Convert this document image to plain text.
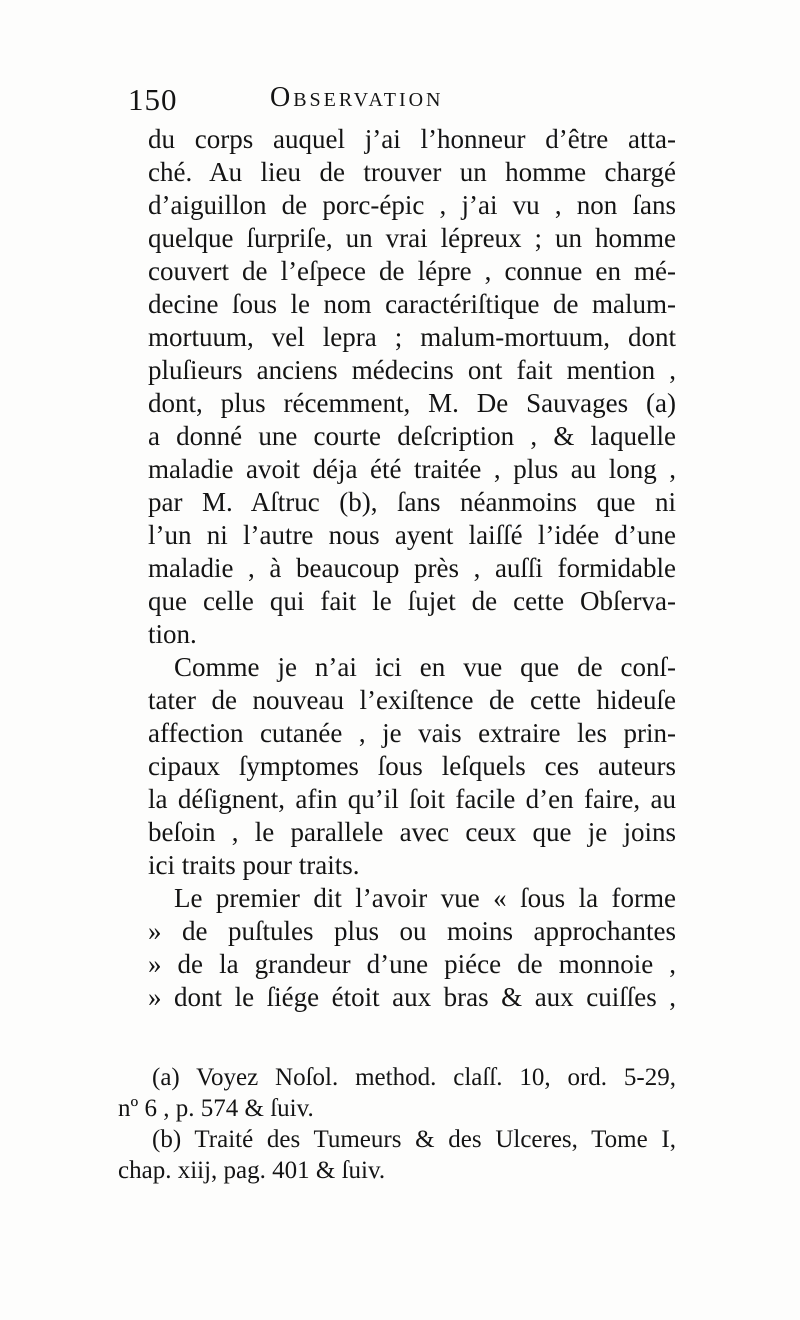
150	Observation
du corps auquel j’ai l’honneur d’être atta-
ché. Au lieu de trouver un homme chargé
d’aiguillon de porc-épic , j’ai vu , non ſans
quelque ſurpriſe, un vrai lépreux ; un homme
couvert de l’eſpece de lépre , connue en mé-
decine ſous le nom caractériſtique de malum-
mortuum, vel lepra ; malum-mortuum, dont
pluſieurs anciens médecins ont fait mention ,
dont, plus récemment, M. De Sauvages (a)
a donné une courte deſcription , & laquelle
maladie avoit déja été traitée , plus au long ,
par M. Aſtruc (b), ſans néanmoins que ni
l’un ni l’autre nous ayent laiſſé l’idée d’une
maladie , à beaucoup près , auſſi formidable
que celle qui fait le ſujet de cette Obſerva-
tion.
Comme je n’ai ici en vue que de conſ-
tater de nouveau l’exiſtence de cette hideuſe
affection cutanée , je vais extraire les prin-
cipaux ſymptomes ſous leſquels ces auteurs
la déſignent, afin qu’il ſoit facile d’en faire, au
beſoin , le parallele avec ceux que je joins
ici traits pour traits.
Le premier dit l’avoir vue « ſous la forme
» de puſtules plus ou moins approchantes
» de la grandeur d’une piéce de monnoie ,
» dont le ſiége étoit aux bras & aux cuiſſes ,
(a) Voyez Noſol. method. claſſ. 10, ord. 5-29,
nº 6 , p. 574 & ſuiv.
(b) Traité des Tumeurs & des Ulceres, Tome I,
chap. xiij, pag. 401 & ſuiv.
